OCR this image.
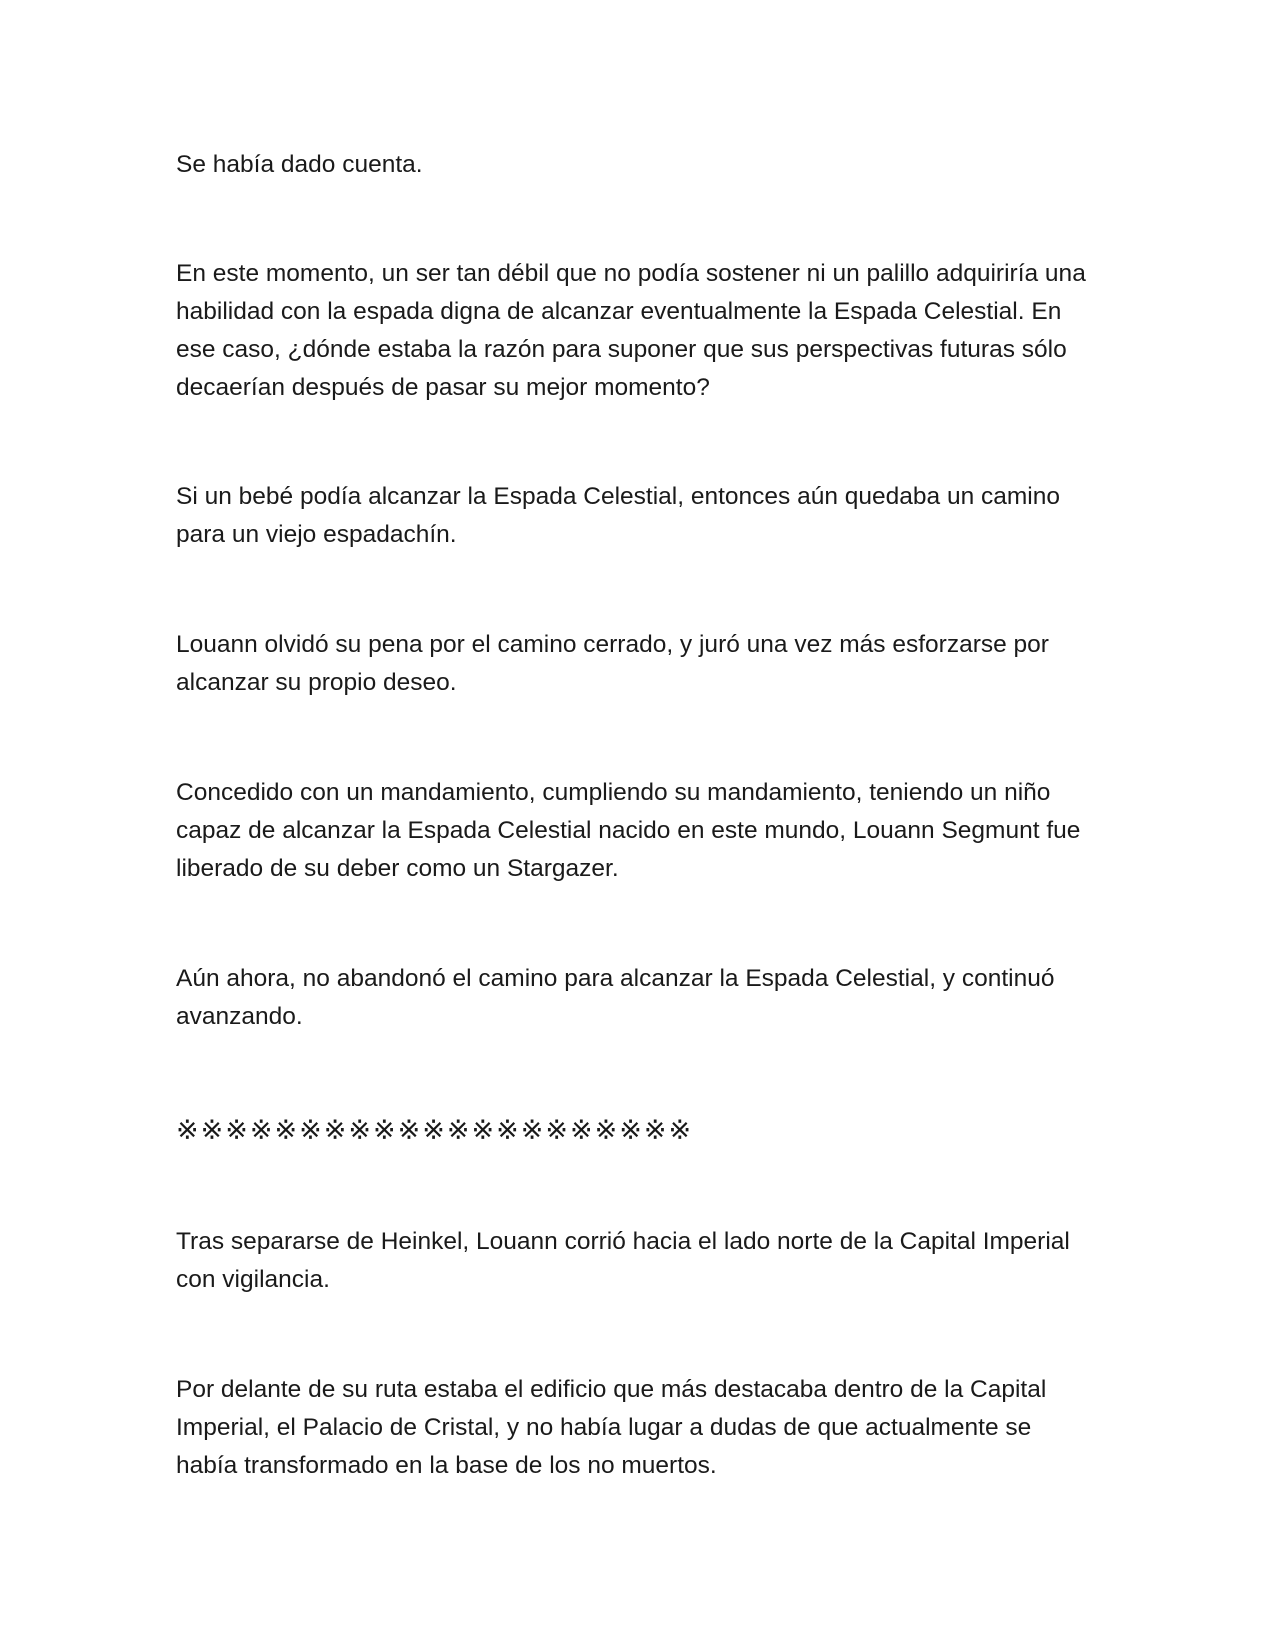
Se había dado cuenta.

En este momento, un ser tan débil que no podía sostener ni un palillo adquiriría una habilidad con la espada digna de alcanzar eventualmente la Espada Celestial. En ese caso, ¿dónde estaba la razón para suponer que sus perspectivas futuras sólo decaerían después de pasar su mejor momento?

Si un bebé podía alcanzar la Espada Celestial, entonces aún quedaba un camino para un viejo espadachín.

Louann olvidó su pena por el camino cerrado, y juró una vez más esforzarse por alcanzar su propio deseo.

Concedido con un mandamiento, cumpliendo su mandamiento, teniendo un niño capaz de alcanzar la Espada Celestial nacido en este mundo, Louann Segmunt fue liberado de su deber como un Stargazer.

Aún ahora, no abandonó el camino para alcanzar la Espada Celestial, y continuó avanzando.

※※※※※※※※※※※※※※※※※※※※※

Tras separarse de Heinkel, Louann corrió hacia el lado norte de la Capital Imperial con vigilancia.

Por delante de su ruta estaba el edificio que más destacaba dentro de la Capital Imperial, el Palacio de Cristal, y no había lugar a dudas de que actualmente se había transformado en la base de los no muertos.
